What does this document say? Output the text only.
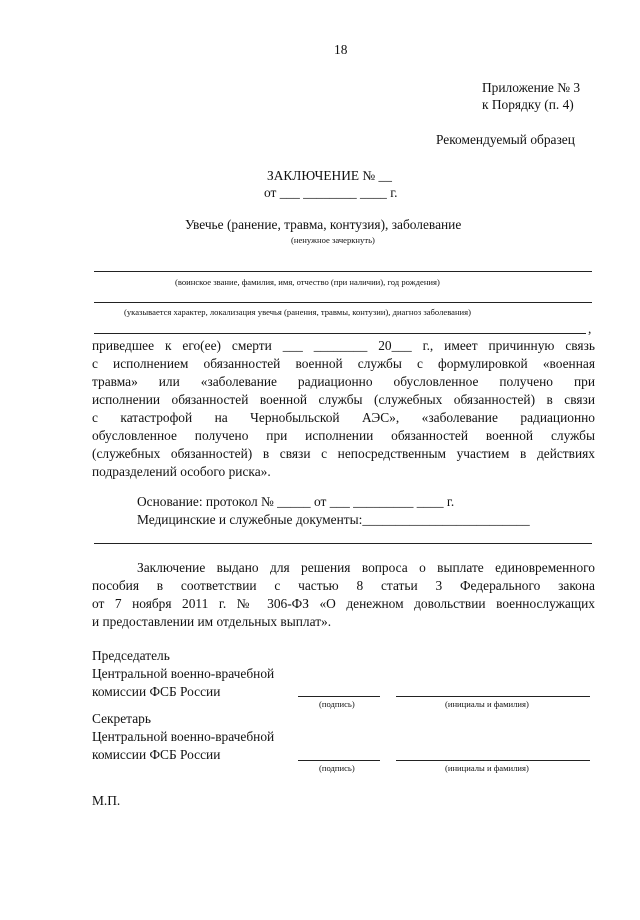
18
Приложение № 3
к Порядку (п. 4)
Рекомендуемый образец
ЗАКЛЮЧЕНИЕ № __
от ___ ________ ____ г.
Увечье (ранение, травма, контузия), заболевание
(ненужное зачеркнуть)
(воинское звание, фамилия, имя, отчество (при наличии), год рождения)
(указывается характер, локализация увечья (ранения, травмы, контузии), диагноз заболевания)
,
приведшее к его(ее) смерти ___ ________ 20___ г., имеет причинную связь
с исполнением обязанностей военной службы с формулировкой «военная
травма» или «заболевание радиационно обусловленное получено при
исполнении обязанностей военной службы (служебных обязанностей) в связи
с катастрофой на Чернобыльской АЭС», «заболевание радиационно
обусловленное получено при исполнении обязанностей военной службы
(служебных обязанностей) в связи с непосредственным участием в действиях
подразделений особого риска».
Основание: протокол № _____ от ___ _________ ____ г.
Медицинские и служебные документы:_________________________
Заключение выдано для решения вопроса о выплате единовременного
пособия в соответствии с частью 8 статьи 3 Федерального закона
от 7 ноября 2011 г. № 306-ФЗ «О денежном довольствии военнослужащих
и предоставлении им отдельных выплат».
Председатель
Центральной военно-врачебной
комиссии ФСБ России
(подпись)	(инициалы и фамилия)
Секретарь
Центральной военно-врачебной
комиссии ФСБ России
(подпись)	(инициалы и фамилия)
М.П.
